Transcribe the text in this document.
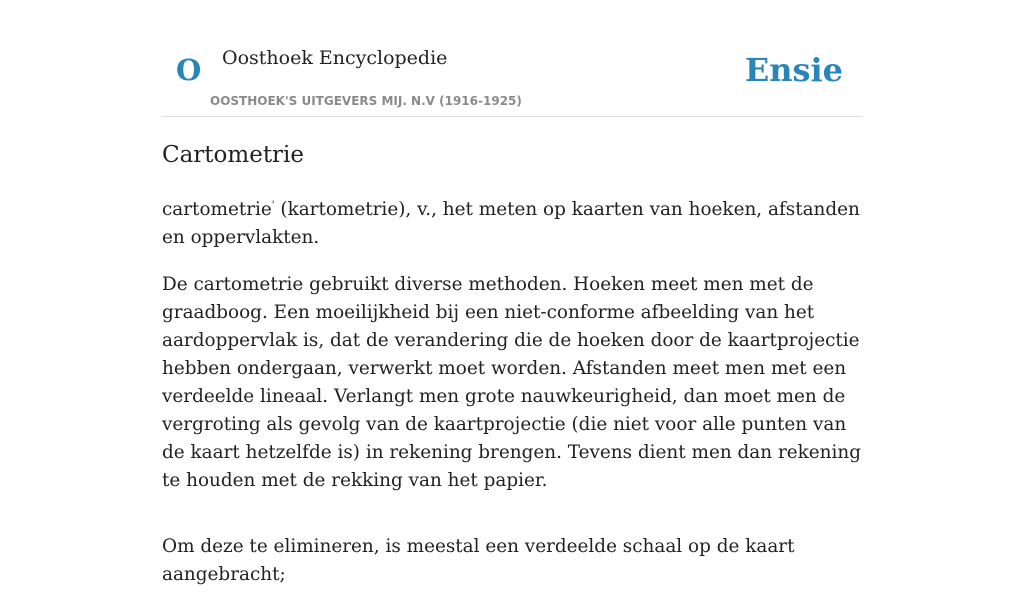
O Oosthoek Encyclopedie
OOSTHOEK'S UITGEVERS MIJ. N.V (1916-1925)
Ensie
Cartometrie

cartometrie' (kartometrie), v., het meten op kaarten van hoeken, afstanden en oppervlakten.

De cartometrie gebruikt diverse methoden. Hoeken meet men met de graadboog. Een moeilijkheid bij een niet-conforme afbeelding van het aardoppervlak is, dat de verandering die de hoeken door de kaartprojectie hebben ondergaan, verwerkt moet worden. Afstanden meet men met een verdeelde lineaal. Verlangt men grote nauwkeurigheid, dan moet men de vergroting als gevolg van de kaartprojectie (die niet voor alle punten van de kaart hetzelfde is) in rekening brengen. Tevens dient men dan rekening te houden met de rekking van het papier.

Om deze te elimineren, is meestal een verdeelde schaal op de kaart aangebracht;
